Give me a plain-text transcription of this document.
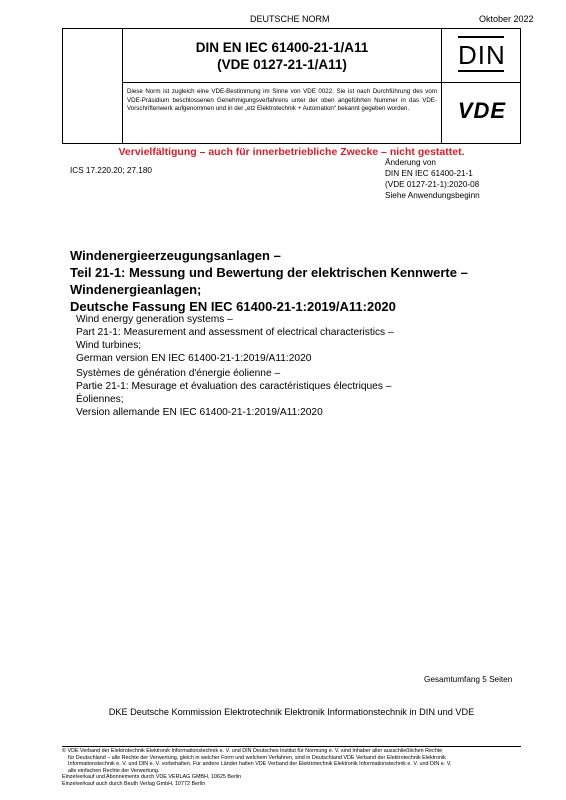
DEUTSCHE NORM	Oktober 2022
DIN EN IEC 61400-21-1/A11
(VDE 0127-21-1/A11)	DIN
Diese Norm ist zugleich eine VDE-Bestimmung im Sinne von VDE 0022. Sie ist nach Durchführung des vom VDE-Präsidium beschlossenen Genehmigungsverfahrens unter der oben angeführten Nummer in das VDE-Vorschriftenwerk aufgenommen und in der „etz Elektrotechnik + Automation“ bekannt gegeben worden.	VDE
Vervielfältigung – auch für innerbetriebliche Zwecke – nicht gestattet.
ICS 17.220.20; 27.180
Änderung von
DIN EN IEC 61400-21-1
(VDE 0127-21-1):2020-08
Siehe Anwendungsbeginn
Windenergieerzeugungsanlagen –
Teil 21-1: Messung und Bewertung der elektrischen Kennwerte –
Windenergieanlagen;
Deutsche Fassung EN IEC 61400-21-1:2019/A11:2020
Wind energy generation systems –
Part 21-1: Measurement and assessment of electrical characteristics –
Wind turbines;
German version EN IEC 61400-21-1:2019/A11:2020
Systèmes de génération d'énergie éolienne –
Partie 21-1: Mesurage et évaluation des caractéristiques électriques –
Éoliennes;
Version allemande EN IEC 61400-21-1:2019/A11:2020
Gesamtumfang 5 Seiten
DKE Deutsche Kommission Elektrotechnik Elektronik Informationstechnik in DIN und VDE
© VDE Verband der Elektrotechnik Elektronik Informationstechnik e. V. und DIN Deutsches Institut für Normung e. V. sind Inhaber aller ausschließlichen Rechte
für Deutschland – alle Rechte der Verwertung, gleich in welcher Form und welchem Verfahren, sind in Deutschland VDE Verband der Elektrotechnik Elektronik
Informationstechnik e. V. und DIN e. V. vorbehalten. Für andere Länder halten VDE Verband der Elektrotechnik Elektronik Informationstechnik e. V. und DIN e. V.
alle einfachen Rechte der Verwertung.
Einzelverkauf und Abonnements durch VDE VERLAG GMBH, 10625 Berlin
Einzelverkauf auch durch Beuth Verlag GmbH, 10772 Berlin
